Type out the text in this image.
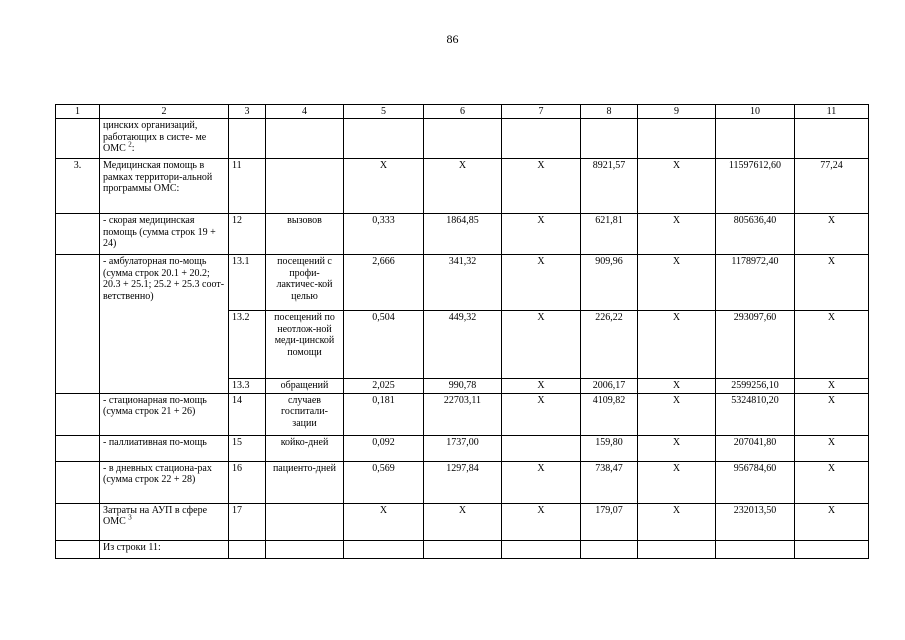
86
1	2	3	4	5	6	7	8	9	10	11
	цинских организаций, работающих в систе- ме ОМС $^2$:									
3.	Медицинская помощь в рамках территори-альной программы ОМС:	11		Х	Х	Х	8921,57	Х	11597612,60	77,24
	- скорая медицинская помощь (сумма строк 19 + 24)	12	вызовов	0,333	1864,85	Х	621,81	Х	805636,40	Х
	- амбулаторная по-мощь (сумма строк 20.1 + 20.2; 20.3 + 25.1; 25.2 + 25.3 соот-ветственно)	13.1	посещений с профи-лактичес-кой целью	2,666	341,32	Х	909,96	Х	1178972,40	Х
		13.2	посещений по неотлож-ной меди-цинской помощи	0,504	449,32	Х	226,22	Х	293097,60	Х
		13.3	обращений	2,025	990,78	Х	2006,17	Х	2599256,10	Х
	- стационарная по-мощь (сумма строк 21 + 26)	14	случаев госпитали-зации	0,181	22703,11	Х	4109,82	Х	5324810,20	Х
	- паллиативная по-мощь	15	койко-дней	0,092	1737,00		159,80	Х	207041,80	Х
	- в дневных стациона-рах (сумма строк 22 + 28)	16	пациенто-дней	0,569	1297,84	Х	738,47	Х	956784,60	Х
	Затраты на АУП в сфере ОМС $^3$	17		Х	Х	Х	179,07	Х	232013,50	Х
	Из строки 11:									
